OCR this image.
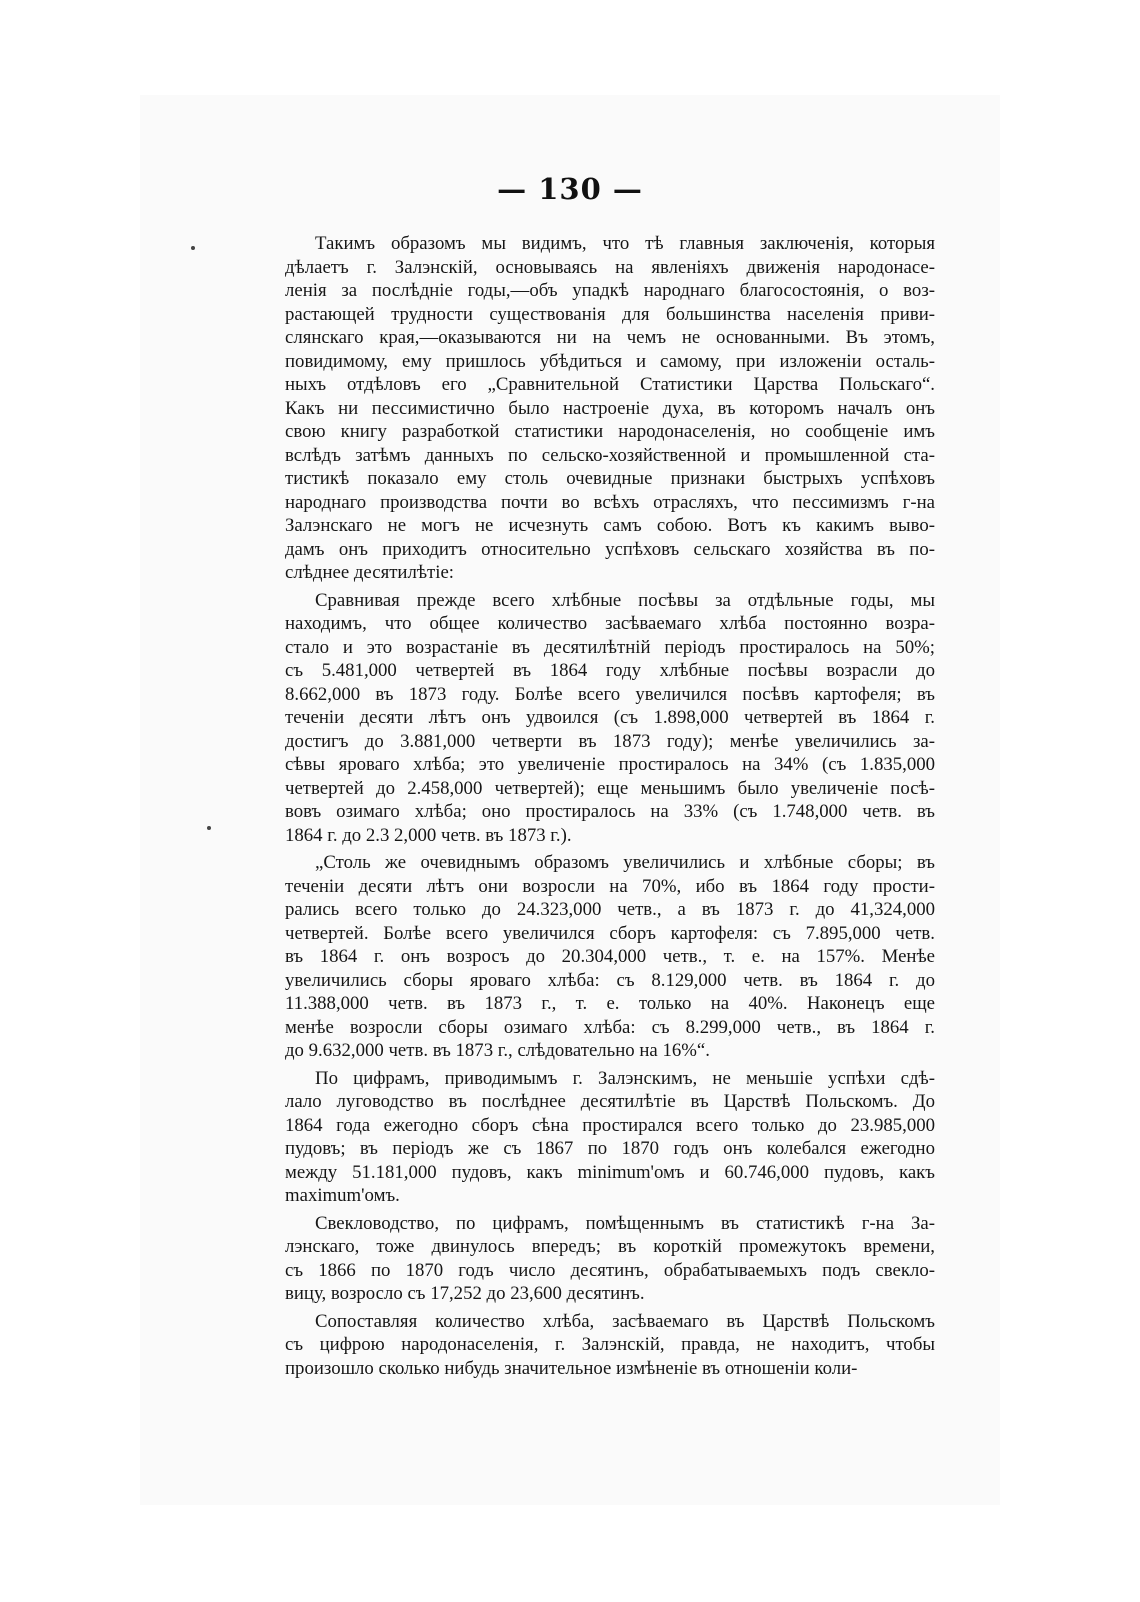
— 130 —
Такимъ образомъ мы видимъ, что тѣ главныя заключенія, которыя
дѣлаетъ г. Залэнскій, основываясь на явленіяхъ движенія народонасе-
ленія за послѣдніе годы,—объ упадкѣ народнаго благосостоянія, о воз-
растающей трудности существованія для большинства населенія приви-
слянскаго края,—оказываются ни на чемъ не основанными. Въ этомъ,
повидимому, ему пришлось убѣдиться и самому, при изложеніи осталь-
ныхъ отдѣловъ его „Сравнительной Статистики Царства Польскаго“.
Какъ ни пессимистично было настроеніе духа, въ которомъ началъ онъ
свою книгу разработкой статистики народонаселенія, но сообщеніе имъ
вслѣдъ затѣмъ данныхъ по сельско-хозяйственной и промышленной ста-
тистикѣ показало ему столь очевидные признаки быстрыхъ успѣховъ
народнаго производства почти во всѣхъ отрасляхъ, что пессимизмъ г-на
Залэнскаго не могъ не исчезнуть самъ собою. Вотъ къ какимъ выво-
дамъ онъ приходитъ относительно успѣховъ сельскаго хозяйства въ по-
слѣднее десятилѣтіе:
Сравнивая прежде всего хлѣбные посѣвы за отдѣльные годы, мы
находимъ, что общее количество засѣваемаго хлѣба постоянно возра-
стало и это возрастаніе въ десятилѣтній періодъ простиралось на 50%;
съ 5.481,000 четвертей въ 1864 году хлѣбные посѣвы возрасли до
8.662,000 въ 1873 году. Болѣе всего увеличился посѣвъ картофеля; въ
теченіи десяти лѣтъ онъ удвоился (съ 1.898,000 четвертей въ 1864 г.
достигъ до 3.881,000 четверти въ 1873 году); менѣе увеличились за-
сѣвы яроваго хлѣба; это увеличеніе простиралось на 34% (съ 1.835,000
четвертей до 2.458,000 четвертей); еще меньшимъ было увеличеніе посѣ-
вовъ озимаго хлѣба; оно простиралось на 33% (съ 1.748,000 четв. въ
1864 г. до 2.3 2,000 четв. въ 1873 г.).
„Столь же очевиднымъ образомъ увеличились и хлѣбные сборы; въ
теченіи десяти лѣтъ они возросли на 70%, ибо въ 1864 году прости-
рались всего только до 24.323,000 четв., а въ 1873 г. до 41,324,000
четвертей. Болѣе всего увеличился сборъ картофеля: съ 7.895,000 четв.
въ 1864 г. онъ возросъ до 20.304,000 четв., т. е. на 157%. Менѣе
увеличились сборы яроваго хлѣба: съ 8.129,000 четв. въ 1864 г. до
11.388,000 четв. въ 1873 г., т. е. только на 40%. Наконецъ еще
менѣе возросли сборы озимаго хлѣба: съ 8.299,000 четв., въ 1864 г.
до 9.632,000 четв. въ 1873 г., слѣдовательно на 16%“.
По цифрамъ, приводимымъ г. Залэнскимъ, не меньшіе успѣхи сдѣ-
лало луговодство въ послѣднее десятилѣтіе въ Царствѣ Польскомъ. До
1864 года ежегодно сборъ сѣна простирался всего только до 23.985,000
пудовъ; въ періодъ же съ 1867 по 1870 годъ онъ колебался ежегодно
между 51.181,000 пудовъ, какъ minimum'омъ и 60.746,000 пудовъ, какъ
maximum'омъ.
Свекловодство, по цифрамъ, помѣщеннымъ въ статистикѣ г-на За-
лэнскаго, тоже двинулось впередъ; въ короткій промежутокъ времени,
съ 1866 по 1870 годъ число десятинъ, обрабатываемыхъ подъ свекло-
вицу, возросло съ 17,252 до 23,600 десятинъ.
Сопоставляя количество хлѣба, засѣваемаго въ Царствѣ Польскомъ
съ цифрою народонаселенія, г. Залэнскій, правда, не находитъ, чтобы
произошло сколько нибудь значительное измѣненіе въ отношеніи коли-
